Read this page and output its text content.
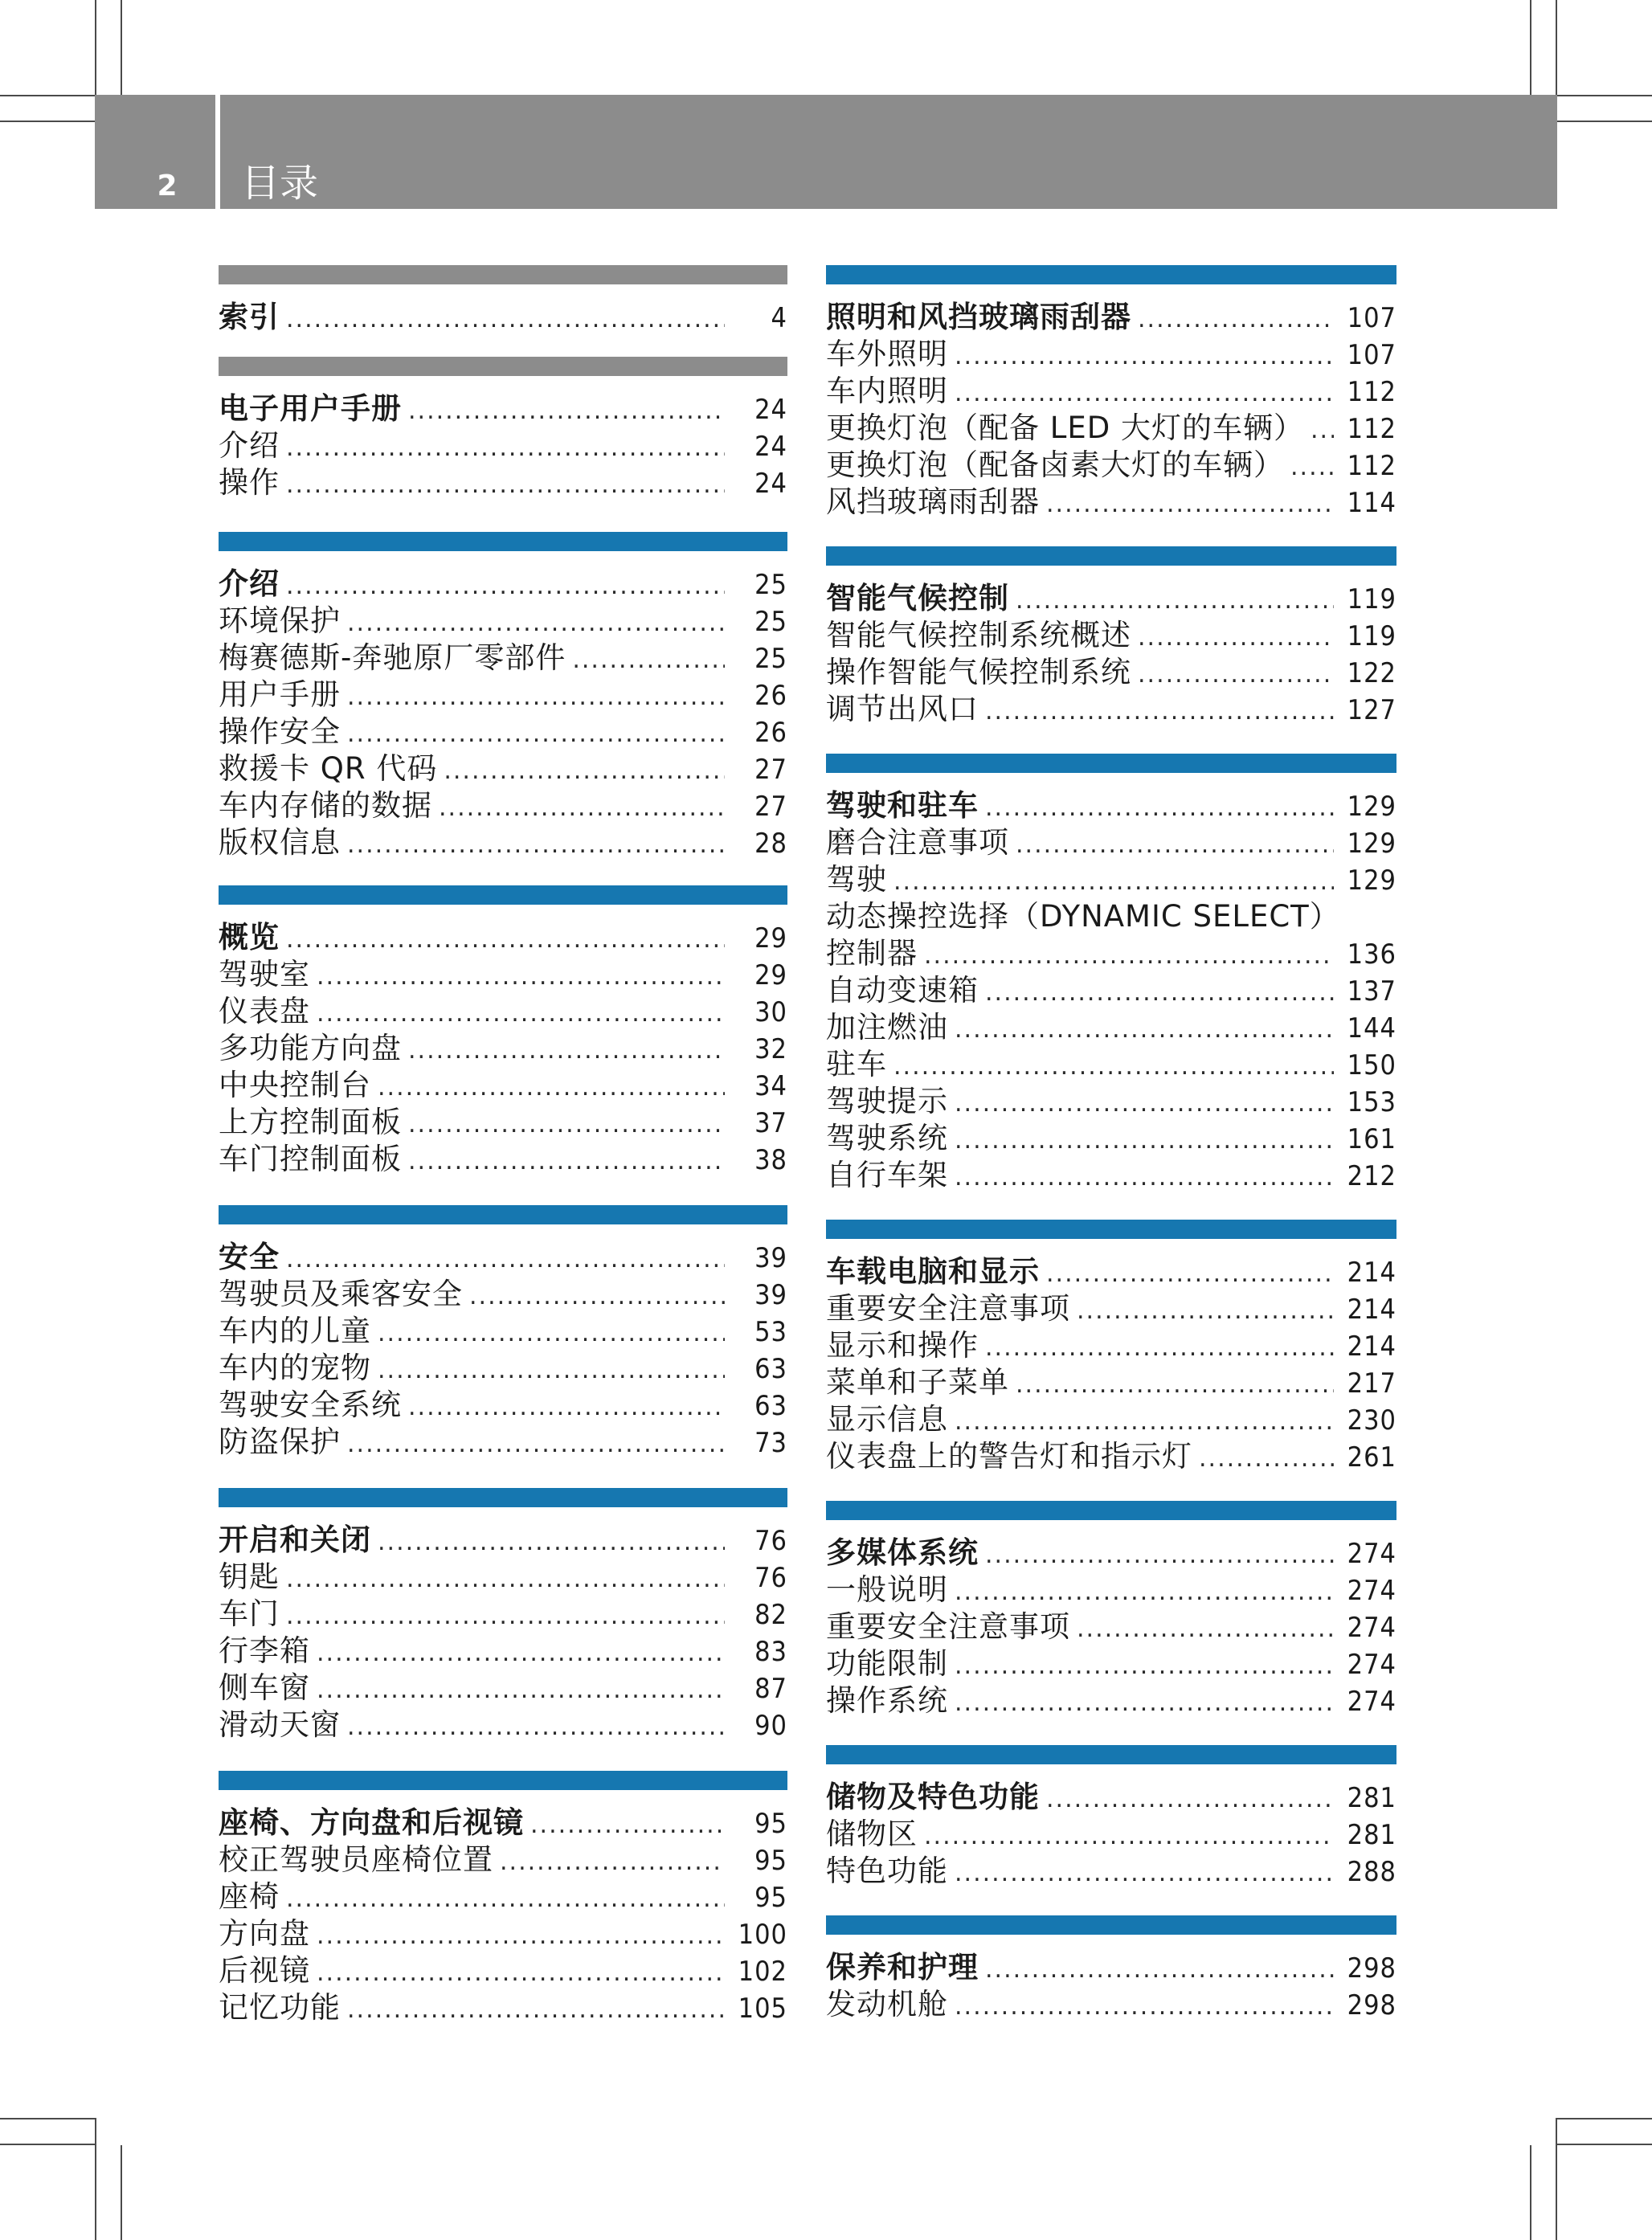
2	目录
索引 .....	4
电子用户手册 .....	24
介绍 .....	24
操作 .....	24
介绍 .....	25
环境保护 .....	25
梅赛德斯-奔驰原厂零部件 .....	25
用户手册 .....	26
操作安全 .....	26
救援卡 QR 代码 .....	27
车内存储的数据 .....	27
版权信息 .....	28
概览 .....	29
驾驶室 .....	29
仪表盘 .....	30
多功能方向盘 .....	32
中央控制台 .....	34
上方控制面板 .....	37
车门控制面板 .....	38
安全 .....	39
驾驶员及乘客安全 .....	39
车内的儿童 .....	53
车内的宠物 .....	63
驾驶安全系统 .....	63
防盗保护 .....	73
开启和关闭 .....	76
钥匙 .....	76
车门 .....	82
行李箱 .....	83
侧车窗 .....	87
滑动天窗 .....	90
座椅、方向盘和后视镜 .....	95
校正驾驶员座椅位置 .....	95
座椅 .....	95
方向盘 .....	100
后视镜 .....	102
记忆功能 .....	105
照明和风挡玻璃雨刮器 .....	107
车外照明 .....	107
车内照明 .....	112
更换灯泡（配备 LED 大灯的车辆） ..... 112
更换灯泡（配备卤素大灯的车辆） ..... 112
风挡玻璃雨刮器 .....	114
智能气候控制 .....	119
智能气候控制系统概述 .....	119
操作智能气候控制系统 .....	122
调节出风口 .....	127
驾驶和驻车 .....	129
磨合注意事项 .....	129
驾驶 .....	129
动态操控选择（DYNAMIC SELECT）
控制器 .....	136
自动变速箱 .....	137
加注燃油 .....	144
驻车 .....	150
驾驶提示 .....	153
驾驶系统 .....	161
自行车架 .....	212
车载电脑和显示 .....	214
重要安全注意事项 .....	214
显示和操作 .....	214
菜单和子菜单 .....	217
显示信息 .....	230
仪表盘上的警告灯和指示灯 .....	261
多媒体系统 .....	274
一般说明 .....	274
重要安全注意事项 .....	274
功能限制 .....	274
操作系统 .....	274
储物及特色功能 .....	281
储物区 .....	281
特色功能 .....	288
保养和护理 .....	298
发动机舱 .....	298
